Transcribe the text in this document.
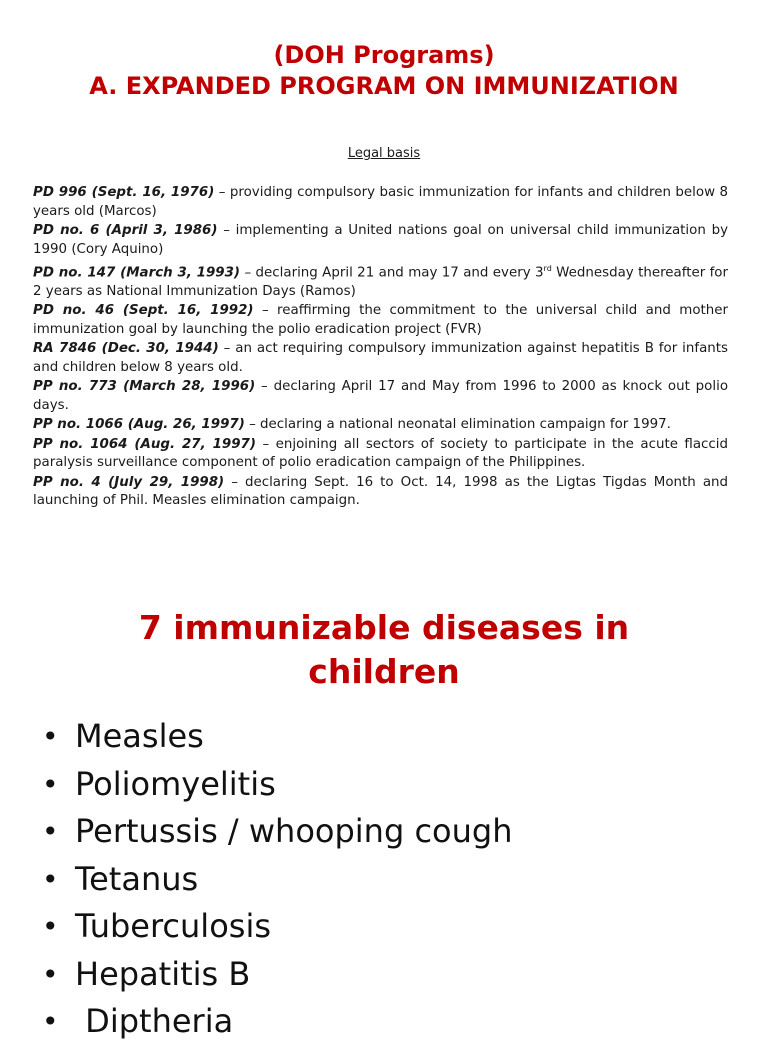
(DOH Programs)
A. EXPANDED PROGRAM ON IMMUNIZATION
Legal basis
PD 996 (Sept. 16, 1976) – providing compulsory basic immunization for infants and children below 8 years old (Marcos)
PD no. 6 (April 3, 1986) – implementing a United nations goal on universal child immunization by 1990 (Cory Aquino)
PD no. 147 (March 3, 1993) – declaring April 21 and may 17 and every 3rd Wednesday thereafter for 2 years as National Immunization Days (Ramos)
PD no. 46 (Sept. 16, 1992) – reaffirming the commitment to the universal child and mother immunization goal by launching the polio eradication project (FVR)
RA 7846 (Dec. 30, 1944) – an act requiring compulsory immunization against hepatitis B for infants and children below 8 years old.
PP no. 773 (March 28, 1996) – declaring April 17 and May from 1996 to 2000 as knock out polio days.
PP no. 1066 (Aug. 26, 1997) – declaring a national neonatal elimination campaign for 1997.
PP no. 1064 (Aug. 27, 1997) – enjoining all sectors of society to participate in the acute flaccid paralysis surveillance component of polio eradication campaign of the Philippines.
PP no. 4 (July 29, 1998) – declaring Sept. 16 to Oct. 14, 1998 as the Ligtas Tigdas Month and launching of Phil. Measles elimination campaign.
7 immunizable diseases in
children
• Measles
• Poliomyelitis
• Pertussis / whooping cough
• Tetanus
• Tuberculosis
• Hepatitis B
• Diptheria
